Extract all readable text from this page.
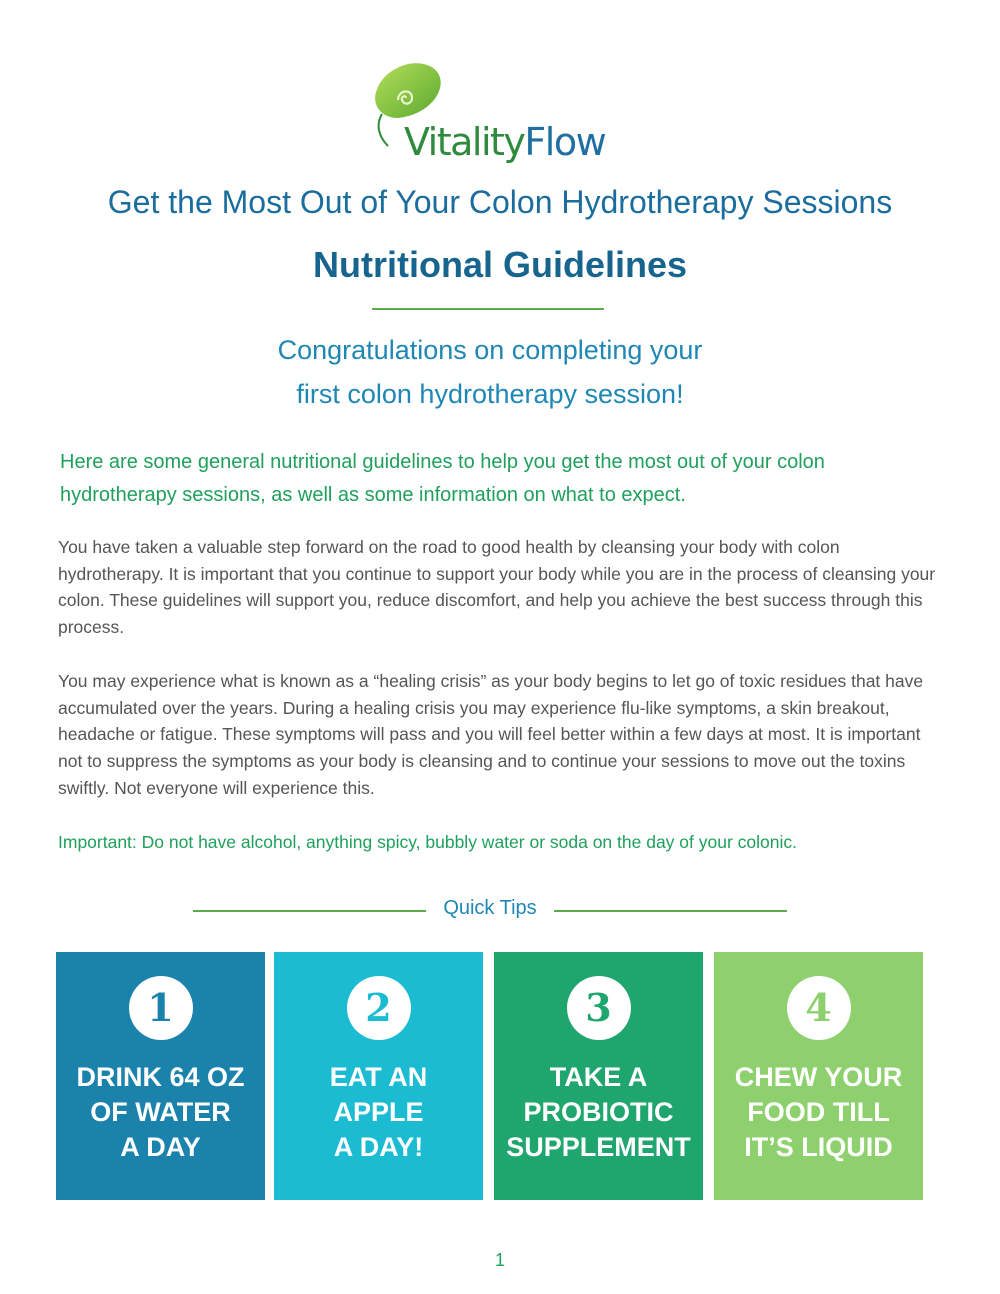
VitalityFlow
Get the Most Out of Your Colon Hydrotherapy Sessions
Nutritional Guidelines
Congratulations on completing your
first colon hydrotherapy session!

Here are some general nutritional guidelines to help you get the most out of your colon hydrotherapy sessions, as well as some information on what to expect.

You have taken a valuable step forward on the road to good health by cleansing your body with colon hydrotherapy. It is important that you continue to support your body while you are in the process of cleansing your colon. These guidelines will support you, reduce discomfort, and help you achieve the best success through this process.

You may experience what is known as a “healing crisis” as your body begins to let go of toxic residues that have accumulated over the years. During a healing crisis you may experience flu-like symptoms, a skin breakout, headache or fatigue. These symptoms will pass and you will feel better within a few days at most. It is important not to suppress the symptoms as your body is cleansing and to continue your sessions to move out the toxins swiftly. Not everyone will experience this.

Important: Do not have alcohol, anything spicy, bubbly water or soda on the day of your colonic.

Quick Tips
1
DRINK 64 OZ
OF WATER
A DAY
2
EAT AN
APPLE
A DAY!
3
TAKE A
PROBIOTIC
SUPPLEMENT
4
CHEW YOUR
FOOD TILL
IT’S LIQUID
1
